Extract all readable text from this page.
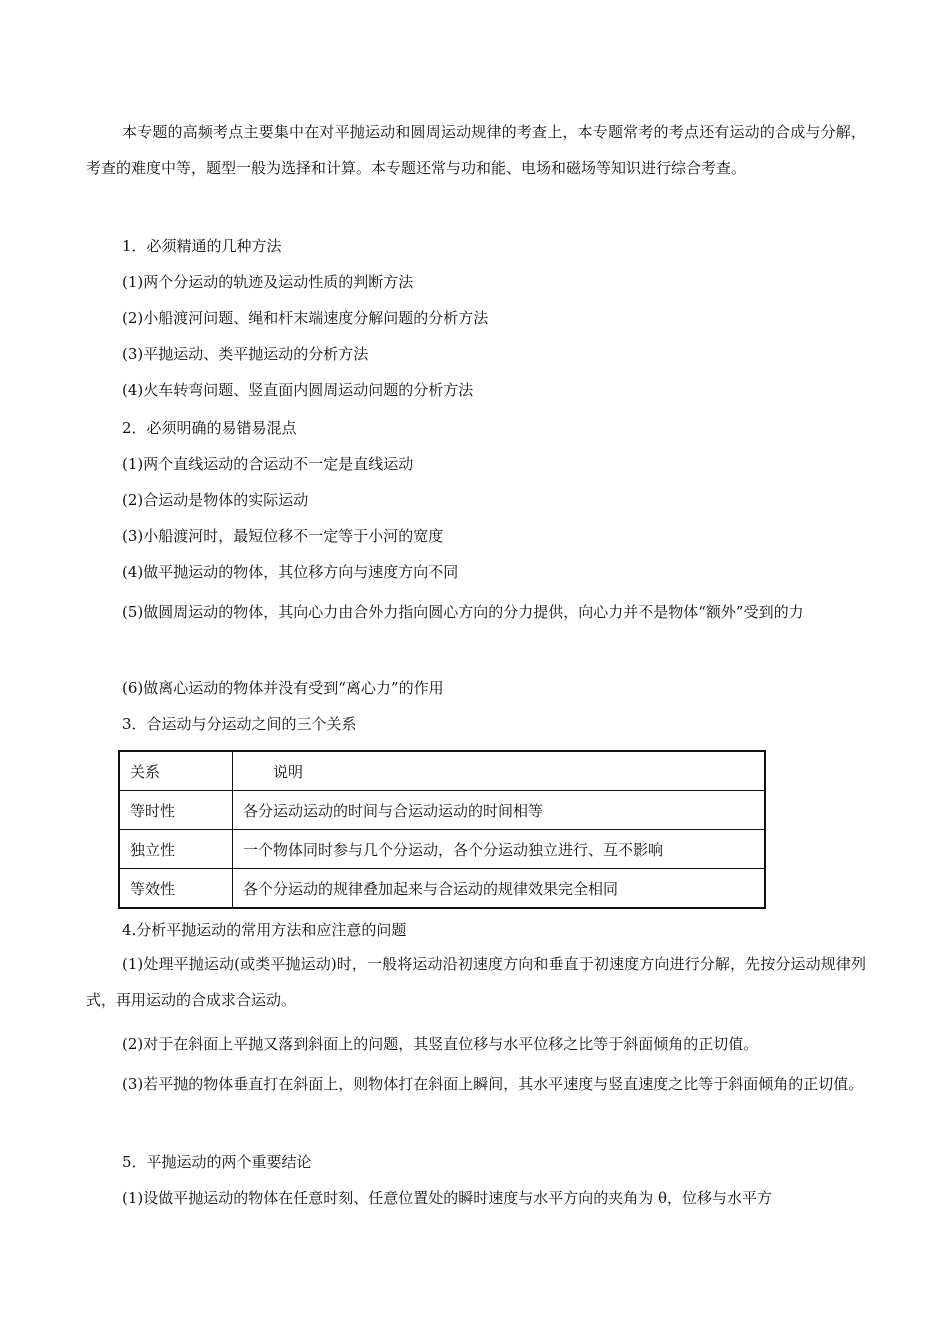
本专题的高频考点主要集中在对平抛运动和圆周运动规律的考查上，本专题常考的考点还有运动的合成与分解，考查的难度中等，题型一般为选择和计算。本专题还常与功和能、电场和磁场等知识进行综合考查。

1．必须精通的几种方法

(1)两个分运动的轨迹及运动性质的判断方法

(2)小船渡河问题、绳和杆末端速度分解问题的分析方法

(3)平抛运动、类平抛运动的分析方法

(4)火车转弯问题、竖直面内圆周运动问题的分析方法

2．必须明确的易错易混点

(1)两个直线运动的合运动不一定是直线运动

(2)合运动是物体的实际运动

(3)小船渡河时，最短位移不一定等于小河的宽度

(4)做平抛运动的物体，其位移方向与速度方向不同

(5)做圆周运动的物体，其向心力由合外力指向圆心方向的分力提供，向心力并不是物体“额外”受到的力

(6)做离心运动的物体并没有受到“离心力”的作用

3．合运动与分运动之间的三个关系

关系	说明
等时性	各分运动运动的时间与合运动运动的时间相等
独立性	一个物体同时参与几个分运动，各个分运动独立进行、互不影响
等效性	各个分运动的规律叠加起来与合运动的规律效果完全相同

4.分析平抛运动的常用方法和应注意的问题

(1)处理平抛运动(或类平抛运动)时，一般将运动沿初速度方向和垂直于初速度方向进行分解，先按分运动规律列式，再用运动的合成求合运动。

(2)对于在斜面上平抛又落到斜面上的问题，其竖直位移与水平位移之比等于斜面倾角的正切值。

(3)若平抛的物体垂直打在斜面上，则物体打在斜面上瞬间，其水平速度与竖直速度之比等于斜面倾角的正切值。

5．平抛运动的两个重要结论

(1)设做平抛运动的物体在任意时刻、任意位置处的瞬时速度与水平方向的夹角为 θ，位移与水平方
